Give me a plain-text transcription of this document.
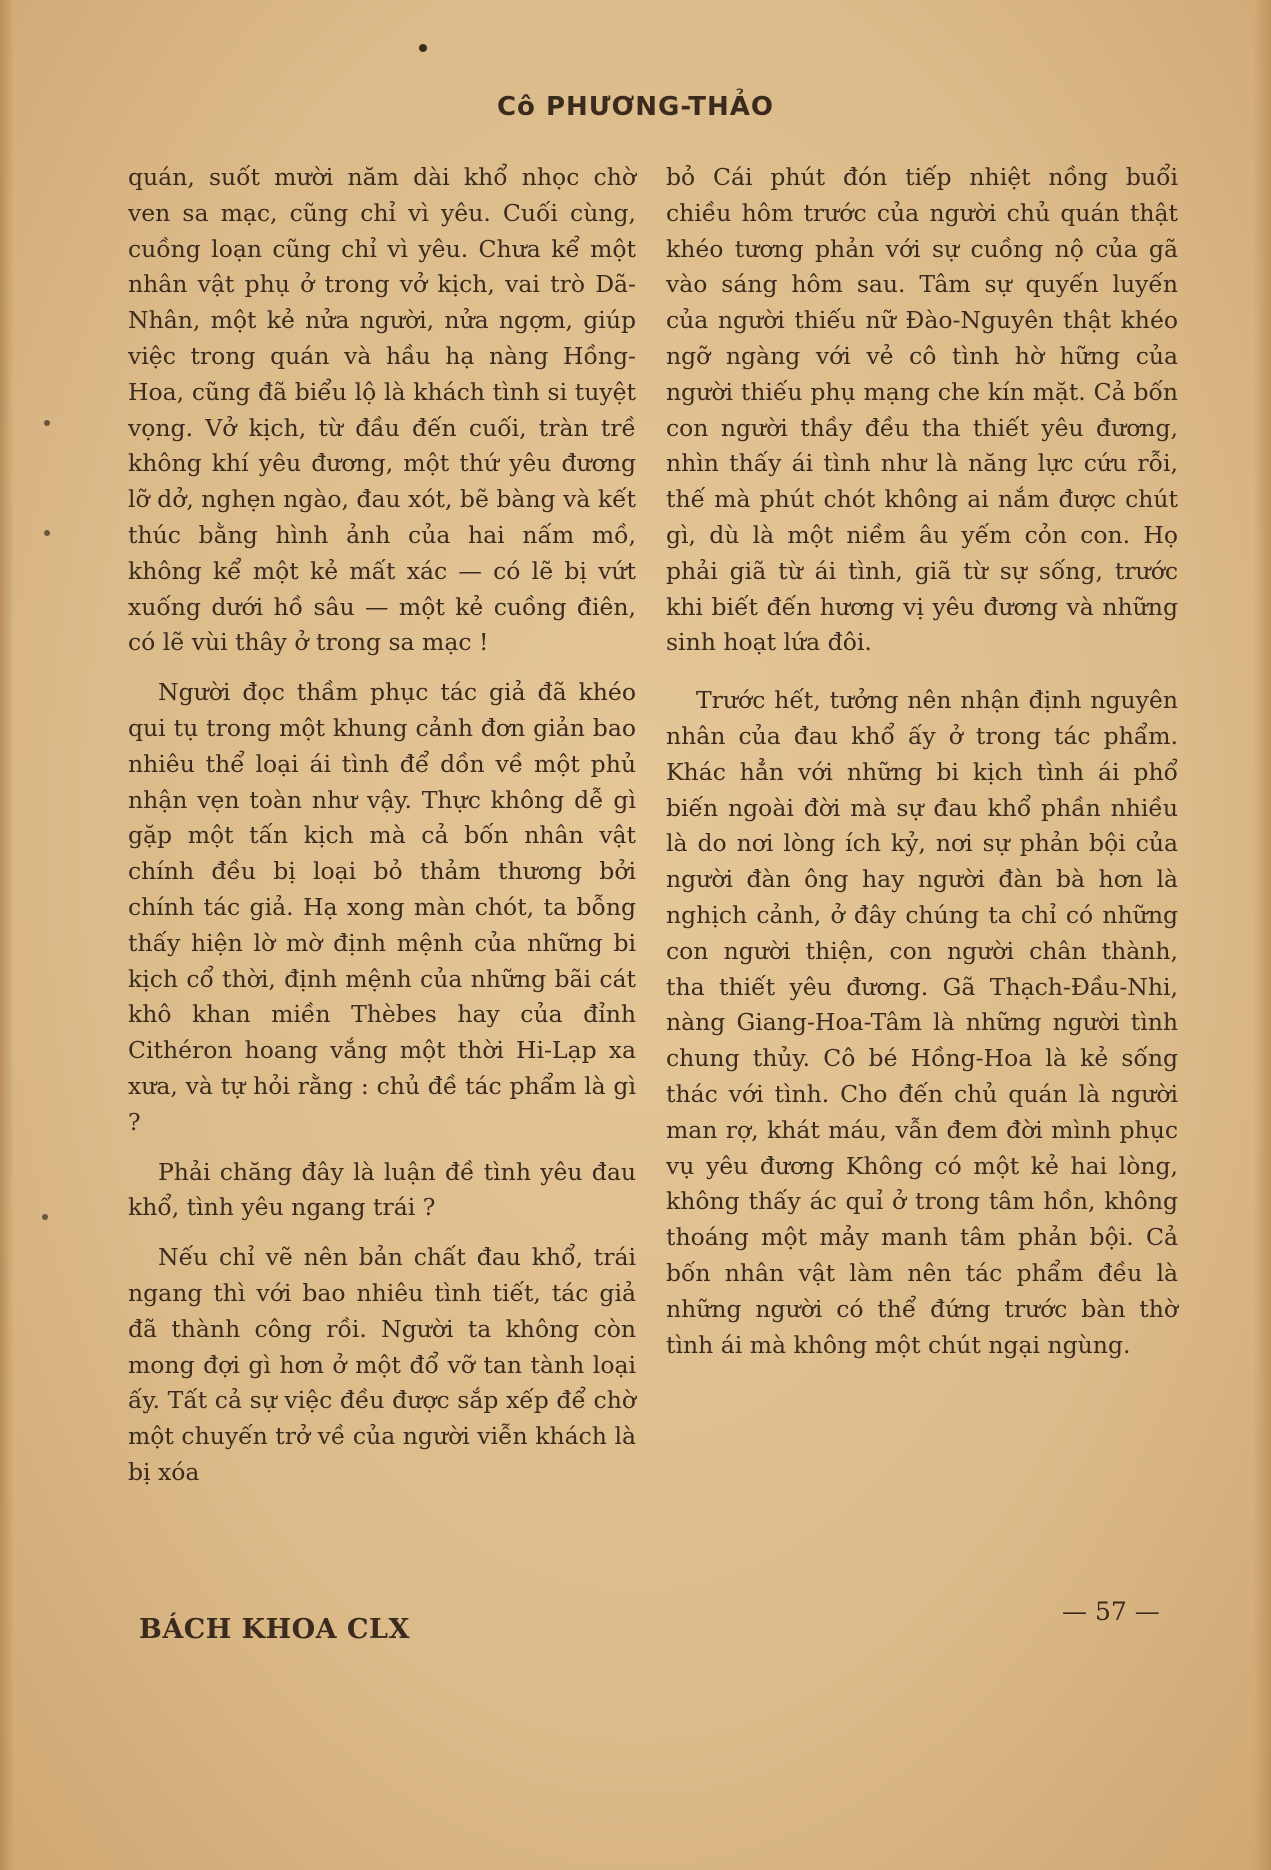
Cô PHƯƠNG-THẢO

quán, suốt mười năm dài khổ nhọc chờ ven sa mạc, cũng chỉ vì yêu. Cuối cùng, cuồng loạn cũng chỉ vì yêu. Chưa kể một nhân vật phụ ở trong vở kịch, vai trò Dã-Nhân, một kẻ nửa người, nửa ngợm, giúp việc trong quán và hầu hạ nàng Hồng-Hoa, cũng đã biểu lộ là khách tình si tuyệt vọng. Vở kịch, từ đầu đến cuối, tràn trề không khí yêu đương, một thứ yêu đương lỡ dở, nghẹn ngào, đau xót, bẽ bàng và kết thúc bằng hình ảnh của hai nấm mồ, không kể một kẻ mất xác — có lẽ bị vứt xuống dưới hồ sâu — một kẻ cuồng điên, có lẽ vùi thây ở trong sa mạc !

Người đọc thầm phục tác giả đã khéo qui tụ trong một khung cảnh đơn giản bao nhiêu thể loại ái tình để dồn về một phủ nhận vẹn toàn như vậy. Thực không dễ gì gặp một tấn kịch mà cả bốn nhân vật chính đều bị loại bỏ thảm thương bởi chính tác giả. Hạ xong màn chót, ta bỗng thấy hiện lờ mờ định mệnh của những bi kịch cổ thời, định mệnh của những bãi cát khô khan miền Thèbes hay của đỉnh Cithéron hoang vắng một thời Hi-Lạp xa xưa, và tự hỏi rằng : chủ đề tác phẩm là gì ?

Phải chăng đây là luận đề tình yêu đau khổ, tình yêu ngang trái ?

Nếu chỉ vẽ nên bản chất đau khổ, trái ngang thì với bao nhiêu tình tiết, tác giả đã thành công rồi. Người ta không còn mong đợi gì hơn ở một đổ vỡ tan tành loại ấy. Tất cả sự việc đều được sắp xếp để chờ một chuyến trở về của người viễn khách là bị xóa

bỏ Cái phút đón tiếp nhiệt nồng buổi chiều hôm trước của người chủ quán thật khéo tương phản với sự cuồng nộ của gã vào sáng hôm sau. Tâm sự quyến luyến của người thiếu nữ Đào-Nguyên thật khéo ngỡ ngàng với vẻ cô tình hờ hững của người thiếu phụ mạng che kín mặt. Cả bốn con người thầy đều tha thiết yêu đương, nhìn thấy ái tình như là năng lực cứu rỗi, thế mà phút chót không ai nắm được chút gì, dù là một niềm âu yếm cỏn con. Họ phải giã từ ái tình, giã từ sự sống, trước khi biết đến hương vị yêu đương và những sinh hoạt lứa đôi.

Trước hết, tưởng nên nhận định nguyên nhân của đau khổ ấy ở trong tác phẩm. Khác hẳn với những bi kịch tình ái phổ biến ngoài đời mà sự đau khổ phần nhiều là do nơi lòng ích kỷ, nơi sự phản bội của người đàn ông hay người đàn bà hơn là nghịch cảnh, ở đây chúng ta chỉ có những con người thiện, con người chân thành, tha thiết yêu đương. Gã Thạch-Đầu-Nhi, nàng Giang-Hoa-Tâm là những người tình chung thủy. Cô bé Hồng-Hoa là kẻ sống thác với tình. Cho đến chủ quán là người man rợ, khát máu, vẫn đem đời mình phục vụ yêu đương Không có một kẻ hai lòng, không thấy ác quỉ ở trong tâm hồn, không thoáng một mảy manh tâm phản bội. Cả bốn nhân vật làm nên tác phẩm đều là những người có thể đứng trước bàn thờ tình ái mà không một chút ngại ngùng.

BÁCH KHOA CLX
— 57 —
